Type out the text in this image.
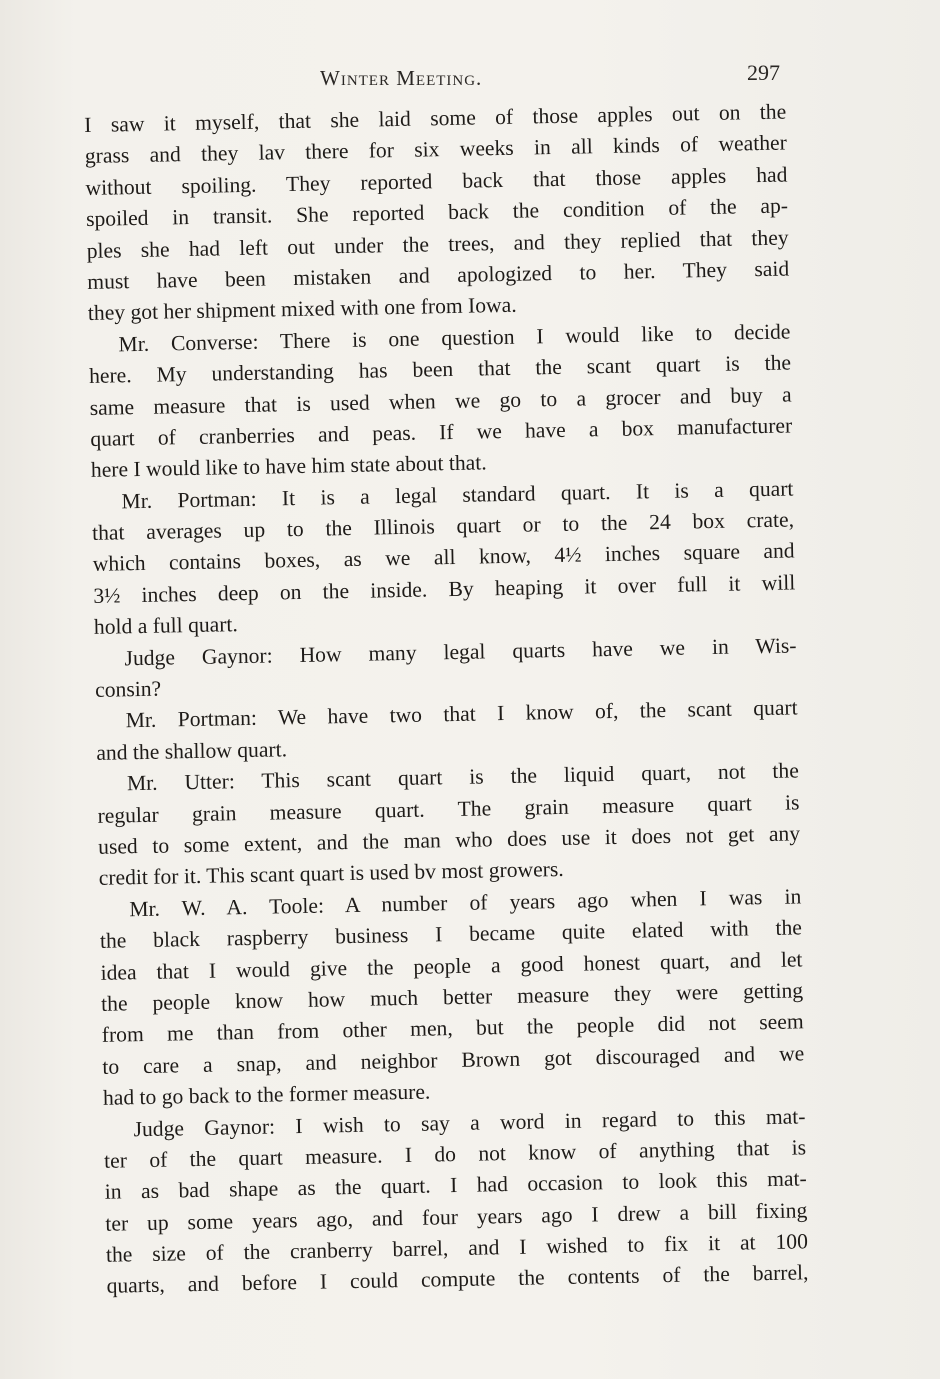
Winter Meeting.	297
I saw it myself, that she laid some of those apples out on the
grass and they lav there for six weeks in all kinds of weather
without spoiling. They reported back that those apples had
spoiled in transit. She reported back the condition of the ap-
ples she had left out under the trees, and they replied that they
must have been mistaken and apologized to her. They said
they got her shipment mixed with one from Iowa.
Mr. Converse: There is one question I would like to decide
here. My understanding has been that the scant quart is the
same measure that is used when we go to a grocer and buy a
quart of cranberries and peas. If we have a box manufacturer
here I would like to have him state about that.
Mr. Portman: It is a legal standard quart. It is a quart
that averages up to the Illinois quart or to the 24 box crate,
which contains boxes, as we all know, 4½ inches square and
3½ inches deep on the inside. By heaping it over full it will
hold a full quart.
Judge Gaynor: How many legal quarts have we in Wis-
consin?
Mr. Portman: We have two that I know of, the scant quart
and the shallow quart.
Mr. Utter: This scant quart is the liquid quart, not the
regular grain measure quart. The grain measure quart is
used to some extent, and the man who does use it does not get any
credit for it. This scant quart is used bv most growers.
Mr. W. A. Toole: A number of years ago when I was in
the black raspberry business I became quite elated with the
idea that I would give the people a good honest quart, and let
the people know how much better measure they were getting
from me than from other men, but the people did not seem
to care a snap, and neighbor Brown got discouraged and we
had to go back to the former measure.
Judge Gaynor: I wish to say a word in regard to this mat-
ter of the quart measure. I do not know of anything that is
in as bad shape as the quart. I had occasion to look this mat-
ter up some years ago, and four years ago I drew a bill fixing
the size of the cranberry barrel, and I wished to fix it at 100
quarts, and before I could compute the contents of the barrel,
